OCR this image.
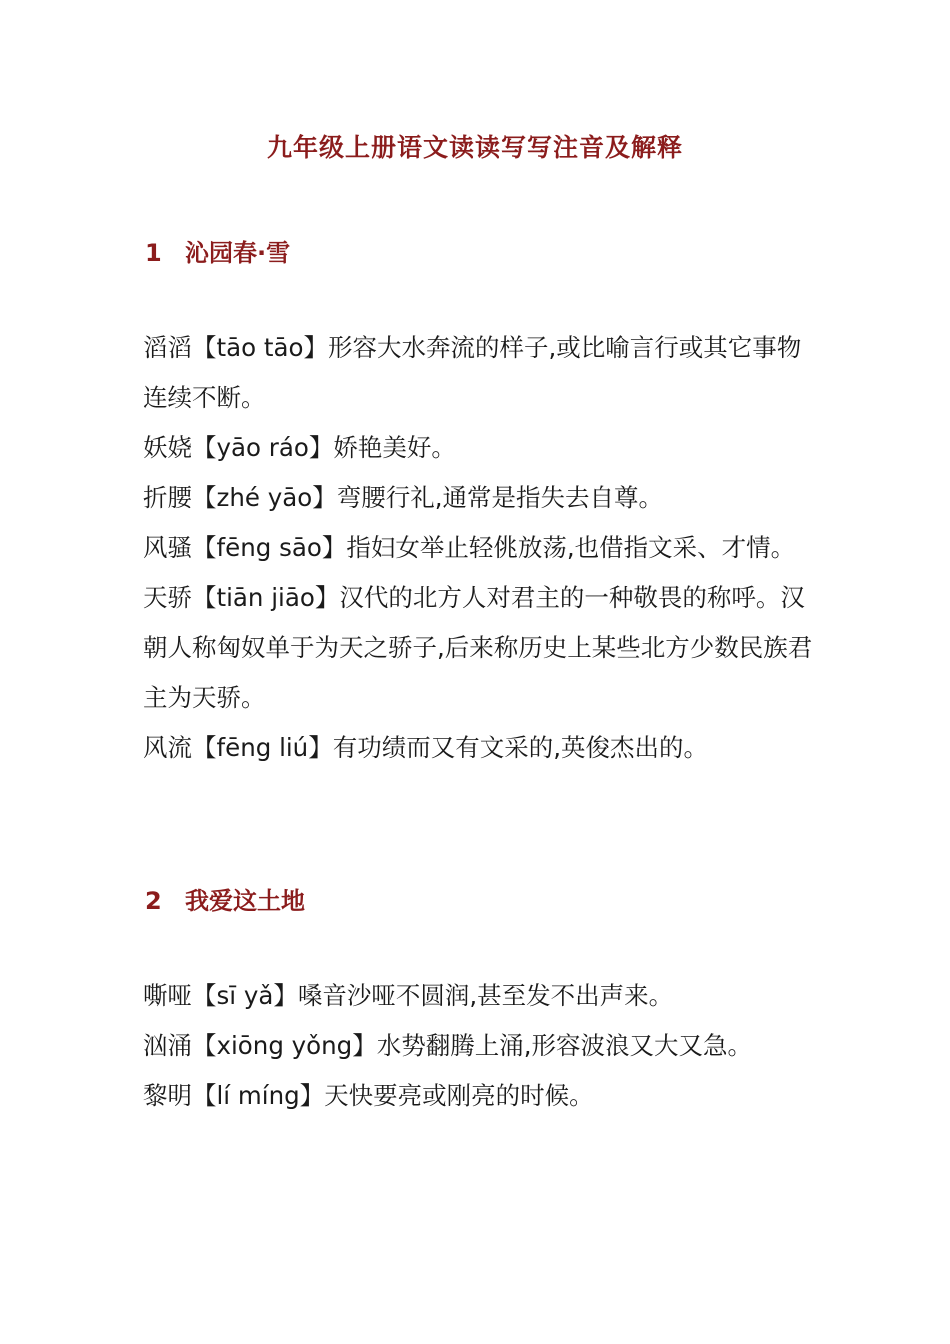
九年级上册语文读读写写注音及解释
1 沁园春·雪
滔滔【tāo tāo】形容大水奔流的样子,或比喻言行或其它事物连续不断。
妖娆【yāo ráo】娇艳美好。
折腰【zhé yāo】弯腰行礼,通常是指失去自尊。
风骚【fēng sāo】指妇女举止轻佻放荡,也借指文采、才情。
天骄【tiān jiāo】汉代的北方人对君主的一种敬畏的称呼。汉朝人称匈奴单于为天之骄子,后来称历史上某些北方少数民族君主为天骄。
风流【fēng liú】有功绩而又有文采的,英俊杰出的。
2 我爱这土地
嘶哑【sī yǎ】嗓音沙哑不圆润,甚至发不出声来。
汹涌【xiōng yǒng】水势翻腾上涌,形容波浪又大又急。
黎明【lí míng】天快要亮或刚亮的时候。
